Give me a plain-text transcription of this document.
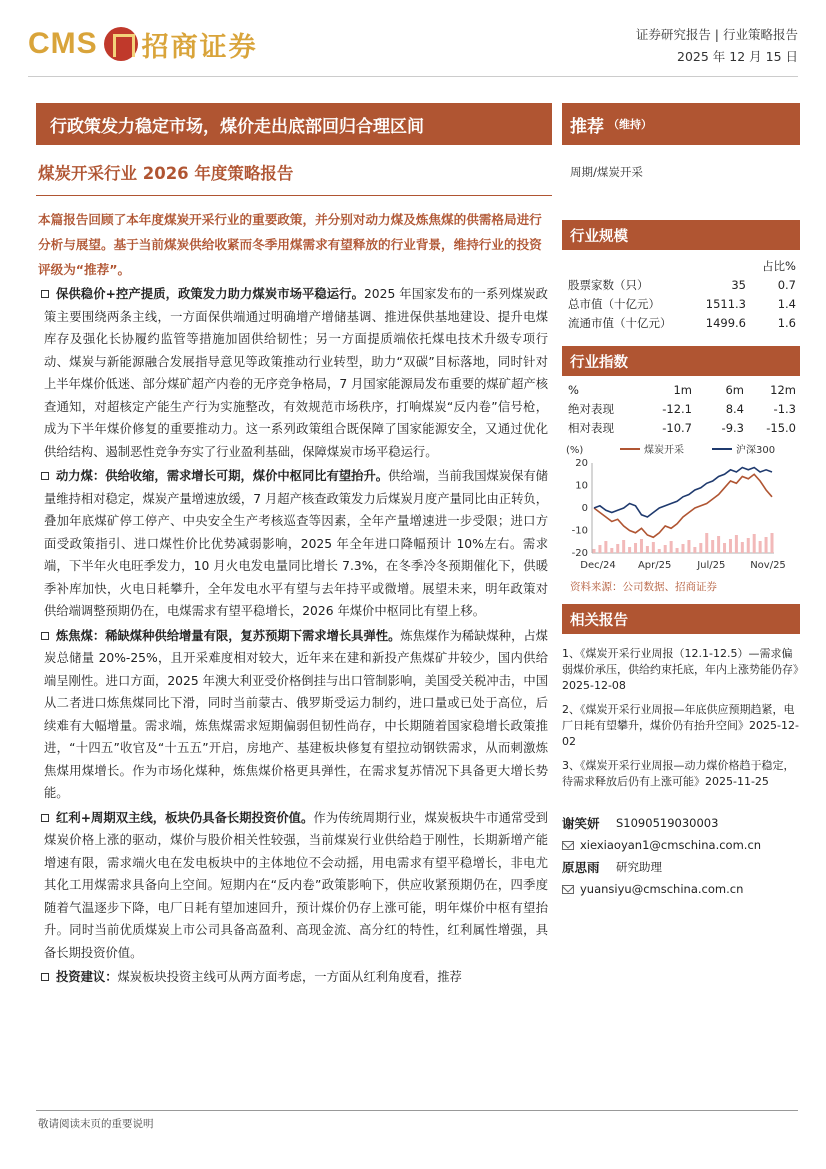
CMS 招商证券	证券研究报告 | 行业策略报告
2025 年 12 月 15 日
行政策发力稳定市场，煤价走出底部回归合理区间	推荐 （维持）
煤炭开采行业 2026 年度策略报告
本篇报告回顾了本年度煤炭开采行业的重要政策，并分别对动力煤及炼焦煤的供需格局进行分析与展望。基于当前煤炭供给收紧而冬季用煤需求有望释放的行业背景，维持行业的投资评级为“推荐”。
保供稳价+控产提质，政策发力助力煤炭市场平稳运行。2025 年国家发布的一系列煤炭政策主要围绕两条主线，一方面保供端通过明确增产增储基调、推进保供基地建设、提升电煤库存及强化长协履约监管等措施加固供给韧性；另一方面提质端依托煤电技术升级专项行动、煤炭与新能源融合发展指导意见等政策推动行业转型，助力“双碳”目标落地，同时针对上半年煤价低迷、部分煤矿超产内卷的无序竞争格局，7 月国家能源局发布重要的煤矿超产核查通知，对超核定产能生产行为实施整改，有效规范市场秩序，打响煤炭“反内卷”信号枪，成为下半年煤价修复的重要推动力。这一系列政策组合既保障了国家能源安全，又通过优化供给结构、遏制恶性竞争夯实了行业盈利基础，保障煤炭市场平稳运行。
动力煤：供给收缩，需求增长可期，煤价中枢同比有望抬升。供给端，当前我国煤炭保有储量维持相对稳定，煤炭产量增速放缓，7 月超产核查政策发力后煤炭月度产量同比由正转负，叠加年底煤矿停工停产、中央安全生产考核巡查等因素，全年产量增速进一步受限；进口方面受政策指引、进口煤性价比优势减弱影响，2025 年全年进口降幅预计 10%左右。需求端，下半年火电旺季发力，10 月火电发电量同比增长 7.3%，在冬季冷冬预期催化下，供暖季补库加快，火电日耗攀升，全年发电水平有望与去年持平或微增。展望未来，明年政策对供给端调整预期仍在，电煤需求有望平稳增长，2026 年煤价中枢同比有望上移。
炼焦煤：稀缺煤种供给增量有限，复苏预期下需求增长具弹性。炼焦煤作为稀缺煤种，占煤炭总储量 20%-25%，且开采难度相对较大，近年来在建和新投产焦煤矿井较少，国内供给端呈刚性。进口方面，2025 年澳大利亚受价格倒挂与出口管制影响，美国受关税冲击，中国从二者进口炼焦煤同比下滑，同时当前蒙古、俄罗斯受运力制约，进口量或已处于高位，后续难有大幅增量。需求端，炼焦煤需求短期偏弱但韧性尚存，中长期随着国家稳增长政策推进，“十四五”收官及“十五五”开启，房地产、基建板块修复有望拉动钢铁需求，从而刺激炼焦煤用煤增长。作为市场化煤种，炼焦煤价格更具弹性，在需求复苏情况下具备更大增长势能。
红利+周期双主线，板块仍具备长期投资价值。作为传统周期行业，煤炭板块牛市通常受到煤炭价格上涨的驱动，煤价与股价相关性较强，当前煤炭行业供给趋于刚性，长期新增产能增速有限，需求端火电在发电板块中的主体地位不会动摇，用电需求有望平稳增长，非电尤其化工用煤需求具备向上空间。短期内在“反内卷”政策影响下，供应收紧预期仍在，四季度随着气温逐步下降，电厂日耗有望加速回升，预计煤价仍存上涨可能，明年煤价中枢有望抬升。同时当前优质煤炭上市公司具备高盈利、高现金流、高分红的特性，红利属性增强，具备长期投资价值。
投资建议：煤炭板块投资主线可从两方面考虑，一方面从红利角度看，推荐
周期/煤炭开采
行业规模
		占比%
股票家数（只）	35	0.7
总市值（十亿元）	1511.3	1.4
流通市值（十亿元）	1499.6	1.6
行业指数
%	1m	6m	12m
绝对表现	-12.1	8.4	-1.3
相对表现	-10.7	-9.3	-15.0
(%)
20
10
0
-10
-20
Dec/24 Apr/25	Jul/25 Nov/25
煤炭开采	沪深300
资料来源：公司数据、招商证券
相关报告
1、《煤炭开采行业周报（12.1-12.5）—需求偏弱煤价承压，供给约束托底，年内上涨势能仍存》2025-12-08
2、《煤炭开采行业周报—年底供应预期趋紧，电厂日耗有望攀升，煤价仍有抬升空间》2025-12-02
3、《煤炭开采行业周报—动力煤价格趋于稳定，待需求释放后仍有上涨可能》2025-11-25
谢笑妍	S1090519030003
xiexiaoyan1@cmschina.com.cn
原思雨	研究助理
yuansiyu@cmschina.com.cn
敬请阅读末页的重要说明
